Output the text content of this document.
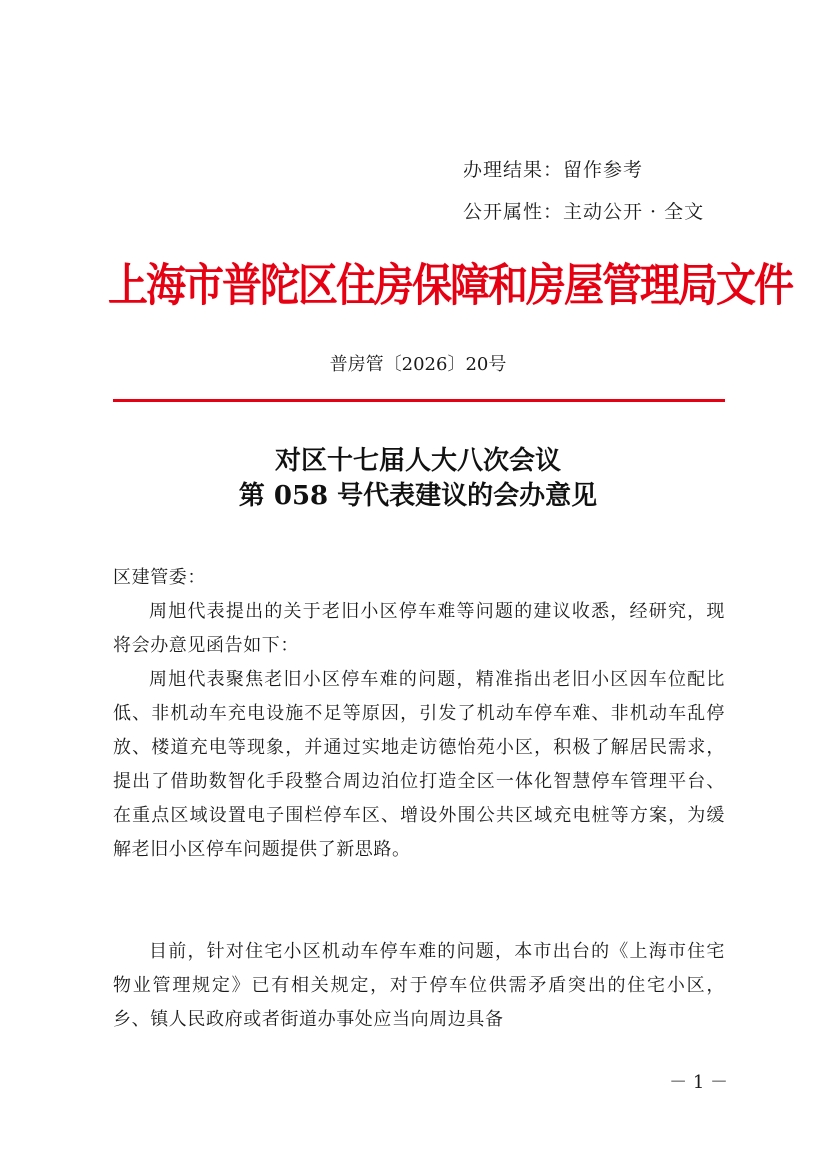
办理结果：留作参考
公开属性：主动公开 · 全文
上海市普陀区住房保障和房屋管理局文件
普房管〔2026〕20号
对区十七届人大八次会议
第 058 号代表建议的会办意见
区建管委：
周旭代表提出的关于老旧小区停车难等问题的建议收悉，经研究，现将会办意见函告如下：
周旭代表聚焦老旧小区停车难的问题，精准指出老旧小区因车位配比低、非机动车充电设施不足等原因，引发了机动车停车难、非机动车乱停放、楼道充电等现象，并通过实地走访德怡苑小区，积极了解居民需求，提出了借助数智化手段整合周边泊位打造全区一体化智慧停车管理平台、在重点区域设置电子围栏停车区、增设外围公共区域充电桩等方案，为缓解老旧小区停车问题提供了新思路。
目前，针对住宅小区机动车停车难的问题，本市出台的《上海市住宅物业管理规定》已有相关规定，对于停车位供需矛盾突出的住宅小区，乡、镇人民政府或者街道办事处应当向周边具备
－ 1 －
